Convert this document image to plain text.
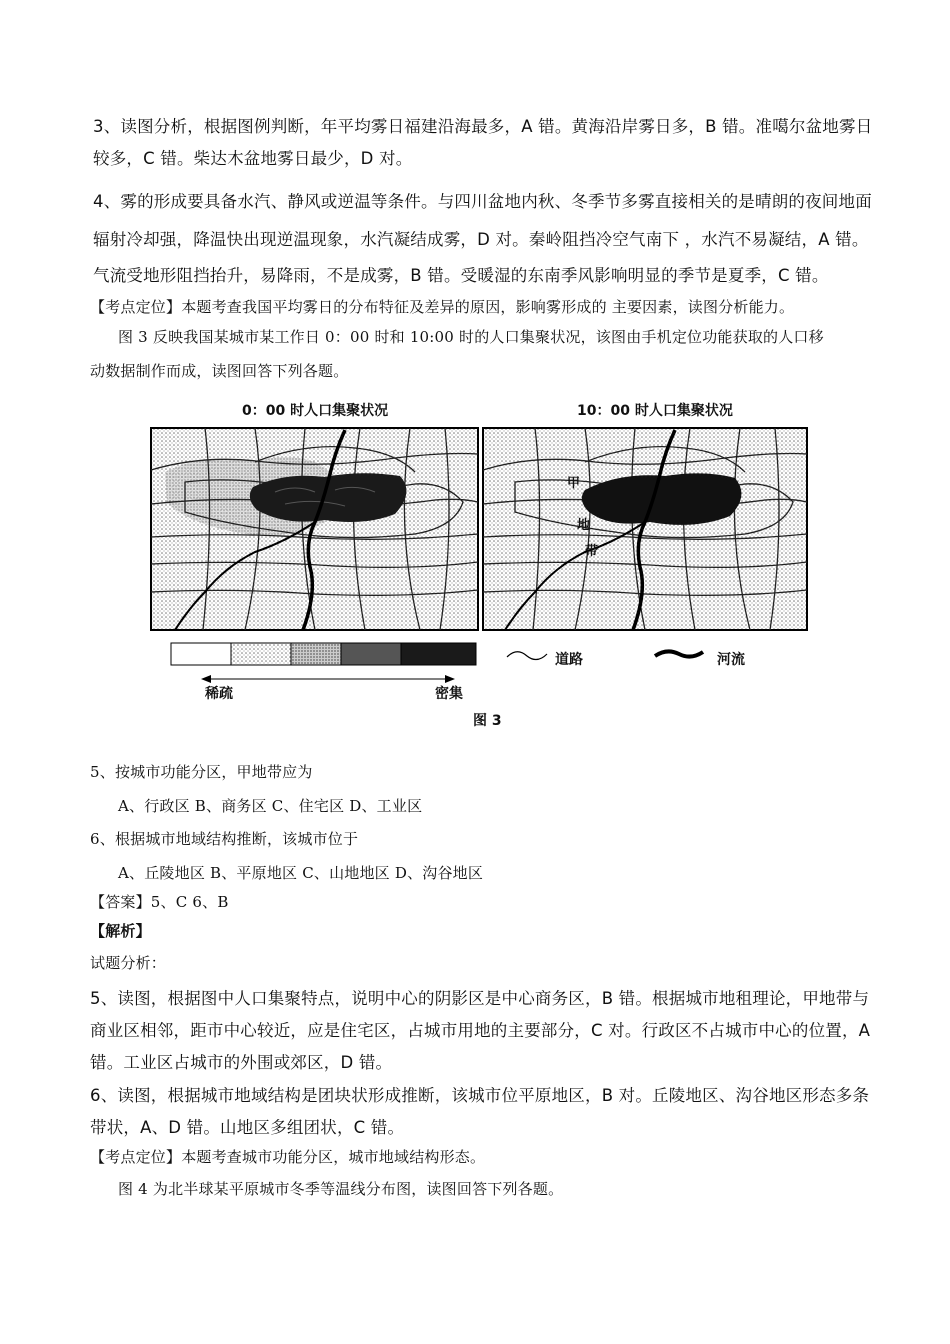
3、读图分析，根据图例判断，年平均雾日福建沿海最多，A 错。黄海沿岸雾日多，B 错。准噶尔盆地雾日
较多，C 错。柴达木盆地雾日最少，D 对。
4、雾的形成要具备水汽、静风或逆温等条件。与四川盆地内秋、冬季节多雾直接相关的是晴朗的夜间地面
辐射冷却强，降温快出现逆温现象，水汽凝结成雾，D 对。秦岭阻挡冷空气南下 ，水汽不易凝结，A 错。
气流受地形阻挡抬升，易降雨，不是成雾，B 错。受暖湿的东南季风影响明显的季节是夏季，C 错。
【考点定位】本题考查我国平均雾日的分布特征及差异的原因，影响雾形成的 主要因素，读图分析能力。
图 3 反映我国某城市某工作日 0：00 时和 10:00 时的人口集聚状况，该图由手机定位功能获取的人口移
动数据制作而成，读图回答下列各题。
0：00 时人口集聚状况	10：00 时人口集聚状况
甲
地
带
稀疏	密集
道路	河流
图 3
5、按城市功能分区，甲地带应为
A、行政区 B、商务区 C、住宅区 D、工业区
6、根据城市地域结构推断，该城市位于
A、丘陵地区 B、平原地区 C、山地地区 D、沟谷地区
【答案】5、C 6、B
【解析】
试题分析：
5、读图，根据图中人口集聚特点，说明中心的阴影区是中心商务区，B 错。根据城市地租理论，甲地带与
商业区相邻，距市中心较近，应是住宅区，占城市用地的主要部分，C 对。行政区不占城市中心的位置，A
错。工业区占城市的外围或郊区，D 错。
6、读图，根据城市地域结构是团块状形成推断，该城市位平原地区，B 对。丘陵地区、沟谷地区形态多条
带状，A、D 错。山地区多组团状，C 错。
【考点定位】本题考查城市功能分区，城市地域结构形态。
图 4 为北半球某平原城市冬季等温线分布图，读图回答下列各题。
